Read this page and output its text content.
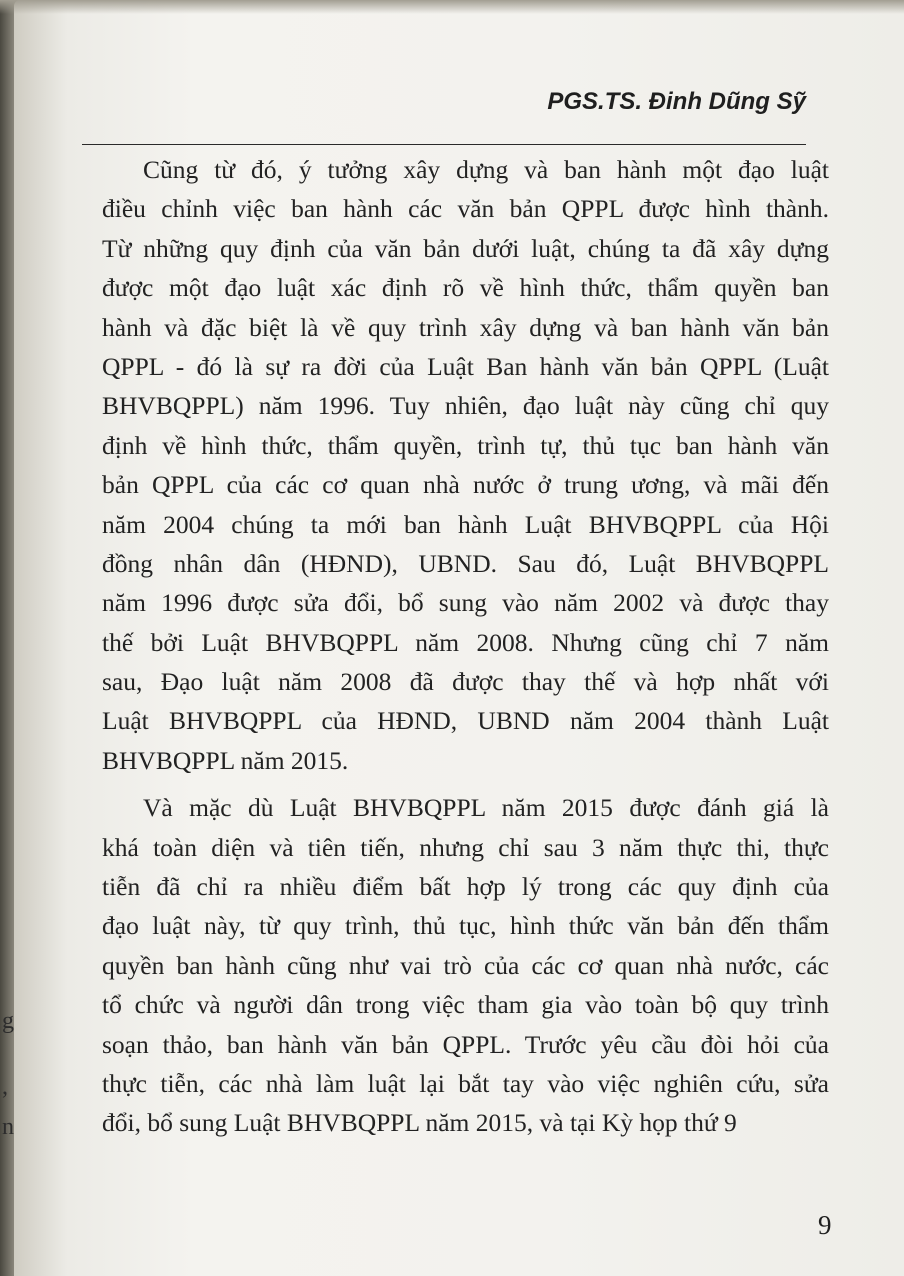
g
,
n
PGS.TS. Đinh Dũng Sỹ
Cũng từ đó, ý tưởng xây dựng và ban hành một đạo luật
điều chỉnh việc ban hành các văn bản QPPL được hình thành.
Từ những quy định của văn bản dưới luật, chúng ta đã xây dựng
được một đạo luật xác định rõ về hình thức, thẩm quyền ban
hành và đặc biệt là về quy trình xây dựng và ban hành văn bản
QPPL - đó là sự ra đời của Luật Ban hành văn bản QPPL (Luật
BHVBQPPL) năm 1996. Tuy nhiên, đạo luật này cũng chỉ quy
định về hình thức, thẩm quyền, trình tự, thủ tục ban hành văn
bản QPPL của các cơ quan nhà nước ở trung ương, và mãi đến
năm 2004 chúng ta mới ban hành Luật BHVBQPPL của Hội
đồng nhân dân (HĐND), UBND. Sau đó, Luật BHVBQPPL
năm 1996 được sửa đổi, bổ sung vào năm 2002 và được thay
thế bởi Luật BHVBQPPL năm 2008. Nhưng cũng chỉ 7 năm
sau, Đạo luật năm 2008 đã được thay thế và hợp nhất với
Luật BHVBQPPL của HĐND, UBND năm 2004 thành Luật
BHVBQPPL năm 2015.
Và mặc dù Luật BHVBQPPL năm 2015 được đánh giá là
khá toàn diện và tiên tiến, nhưng chỉ sau 3 năm thực thi, thực
tiễn đã chỉ ra nhiều điểm bất hợp lý trong các quy định của
đạo luật này, từ quy trình, thủ tục, hình thức văn bản đến thẩm
quyền ban hành cũng như vai trò của các cơ quan nhà nước, các
tổ chức và người dân trong việc tham gia vào toàn bộ quy trình
soạn thảo, ban hành văn bản QPPL. Trước yêu cầu đòi hỏi của
thực tiễn, các nhà làm luật lại bắt tay vào việc nghiên cứu, sửa
đổi, bổ sung Luật BHVBQPPL năm 2015, và tại Kỳ họp thứ 9
9
